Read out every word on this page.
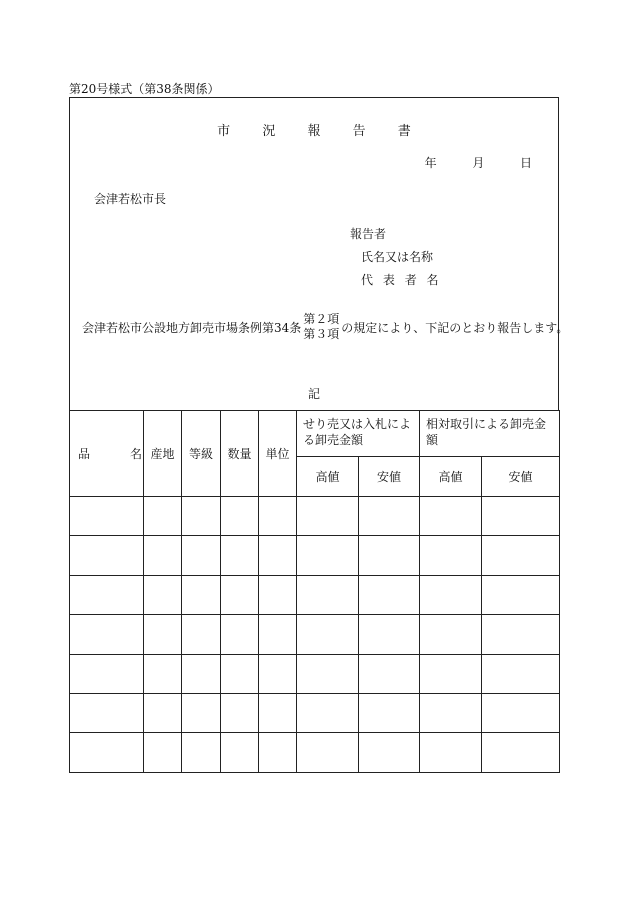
第20号様式（第38条関係）
市 況 報 告 書
年	月	日
会津若松市長
報告者
氏名又は名称
代 表 者 名
会津若松市公設地方卸売市場条例第34条
第２項
第３項 の規定により、下記のとおり報告します。
記
品 名	産地	等級	数量	単位	せり売又は入札による卸売金額		相対取引による卸売金額	
					高値	安値	高値	安値
